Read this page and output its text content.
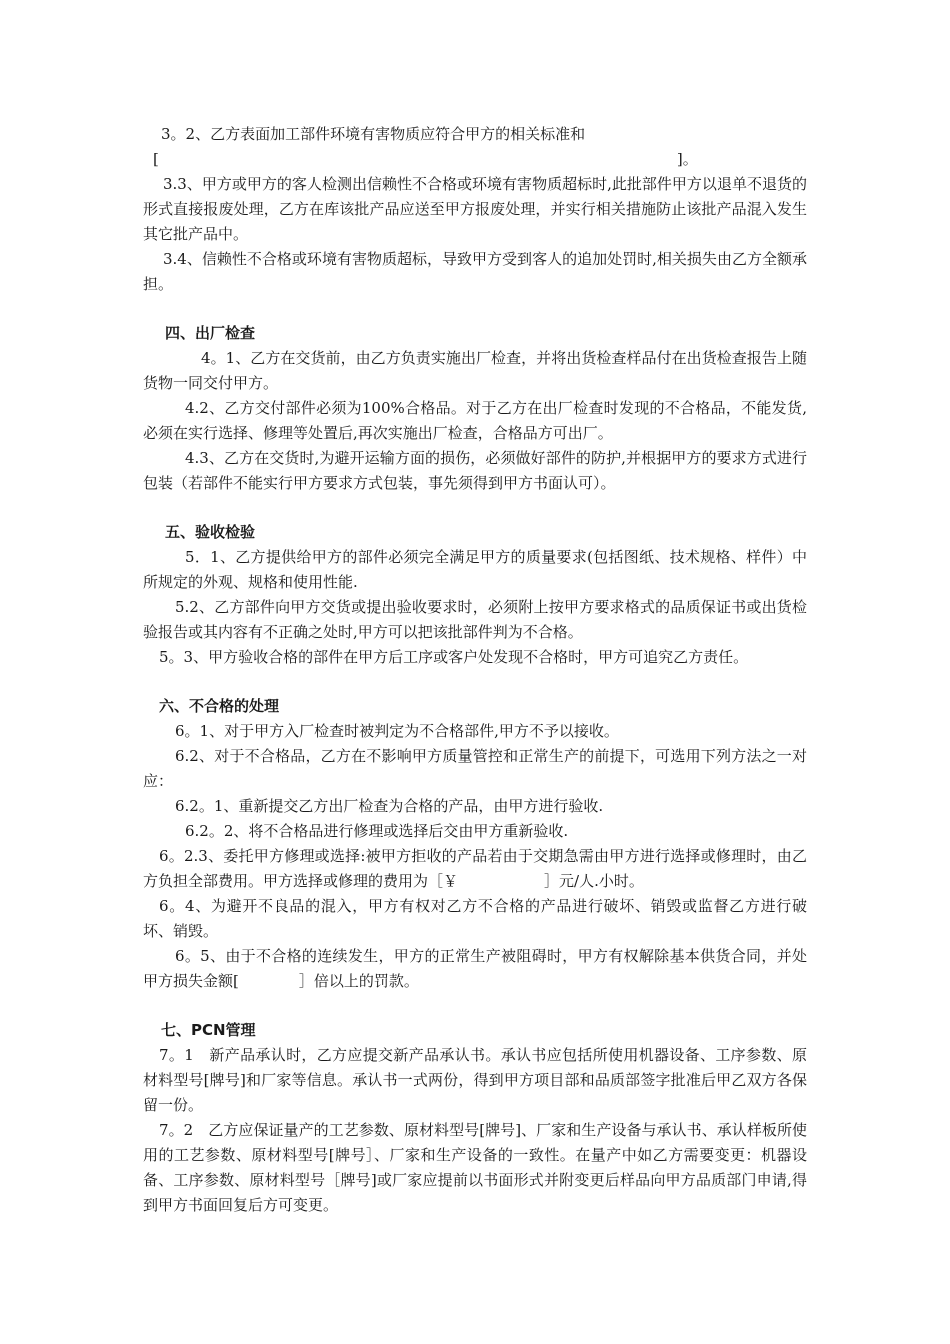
3。2、乙方表面加工部件环境有害物质应符合甲方的相关标准和

[	]。

3.3、甲方或甲方的客人检测出信赖性不合格或环境有害物质超标时,此批部件甲方以退单不退货的形式直接报废处理，乙方在库该批产品应送至甲方报废处理，并实行相关措施防止该批产品混入发生其它批产品中。

3.4、信赖性不合格或环境有害物质超标，导致甲方受到客人的追加处罚时,相关损失由乙方全额承担。

四、出厂检查

4。1、乙方在交货前，由乙方负责实施出厂检查，并将出货检查样品付在出货检查报告上随货物一同交付甲方。

4.2、乙方交付部件必须为100%合格品。对于乙方在出厂检查时发现的不合格品，不能发货,必须在实行选择、修理等处置后,再次实施出厂检查，合格品方可出厂。

4.3、乙方在交货时,为避开运输方面的损伤，必须做好部件的防护,并根据甲方的要求方式进行包装（若部件不能实行甲方要求方式包装，事先须得到甲方书面认可）。

五、验收检验

5．1、乙方提供给甲方的部件必须完全满足甲方的质量要求(包括图纸、技术规格、样件）中所规定的外观、规格和使用性能.

5.2、乙方部件向甲方交货或提出验收要求时，必须附上按甲方要求格式的品质保证书或出货检验报告或其内容有不正确之处时,甲方可以把该批部件判为不合格。

5。3、甲方验收合格的部件在甲方后工序或客户处发现不合格时，甲方可追究乙方责任。

六、不合格的处理

6。1、对于甲方入厂检查时被判定为不合格部件,甲方不予以接收。

6.2、对于不合格品，乙方在不影响甲方质量管控和正常生产的前提下，可选用下列方法之一对应：

6.2。1、重新提交乙方出厂检查为合格的产品，由甲方进行验收.

6.2。2、将不合格品进行修理或选择后交由甲方重新验收.

6。2.3、委托甲方修理或选择:被甲方拒收的产品若由于交期急需由甲方进行选择或修理时，由乙方负担全部费用。甲方选择或修理的费用为［￥	］元/人.小时。

6。4、为避开不良品的混入，甲方有权对乙方不合格的产品进行破坏、销毁或监督乙方进行破坏、销毁。

6。5、由于不合格的连续发生，甲方的正常生产被阻碍时，甲方有权解除基本供货合同，并处甲方损失金额[	］倍以上的罚款。

七、PCN管理

7。1　新产品承认时，乙方应提交新产品承认书。承认书应包括所使用机器设备、工序参数、原材料型号[牌号]和厂家等信息。承认书一式两份，得到甲方项目部和品质部签字批准后甲乙双方各保留一份。

7。2　乙方应保证量产的工艺参数、原材料型号[牌号]、厂家和生产设备与承认书、承认样板所使用的工艺参数、原材料型号[牌号］、厂家和生产设备的一致性。在量产中如乙方需要变更：机器设备、工序参数、原材料型号［牌号]或厂家应提前以书面形式并附变更后样品向甲方品质部门申请,得到甲方书面回复后方可变更。
